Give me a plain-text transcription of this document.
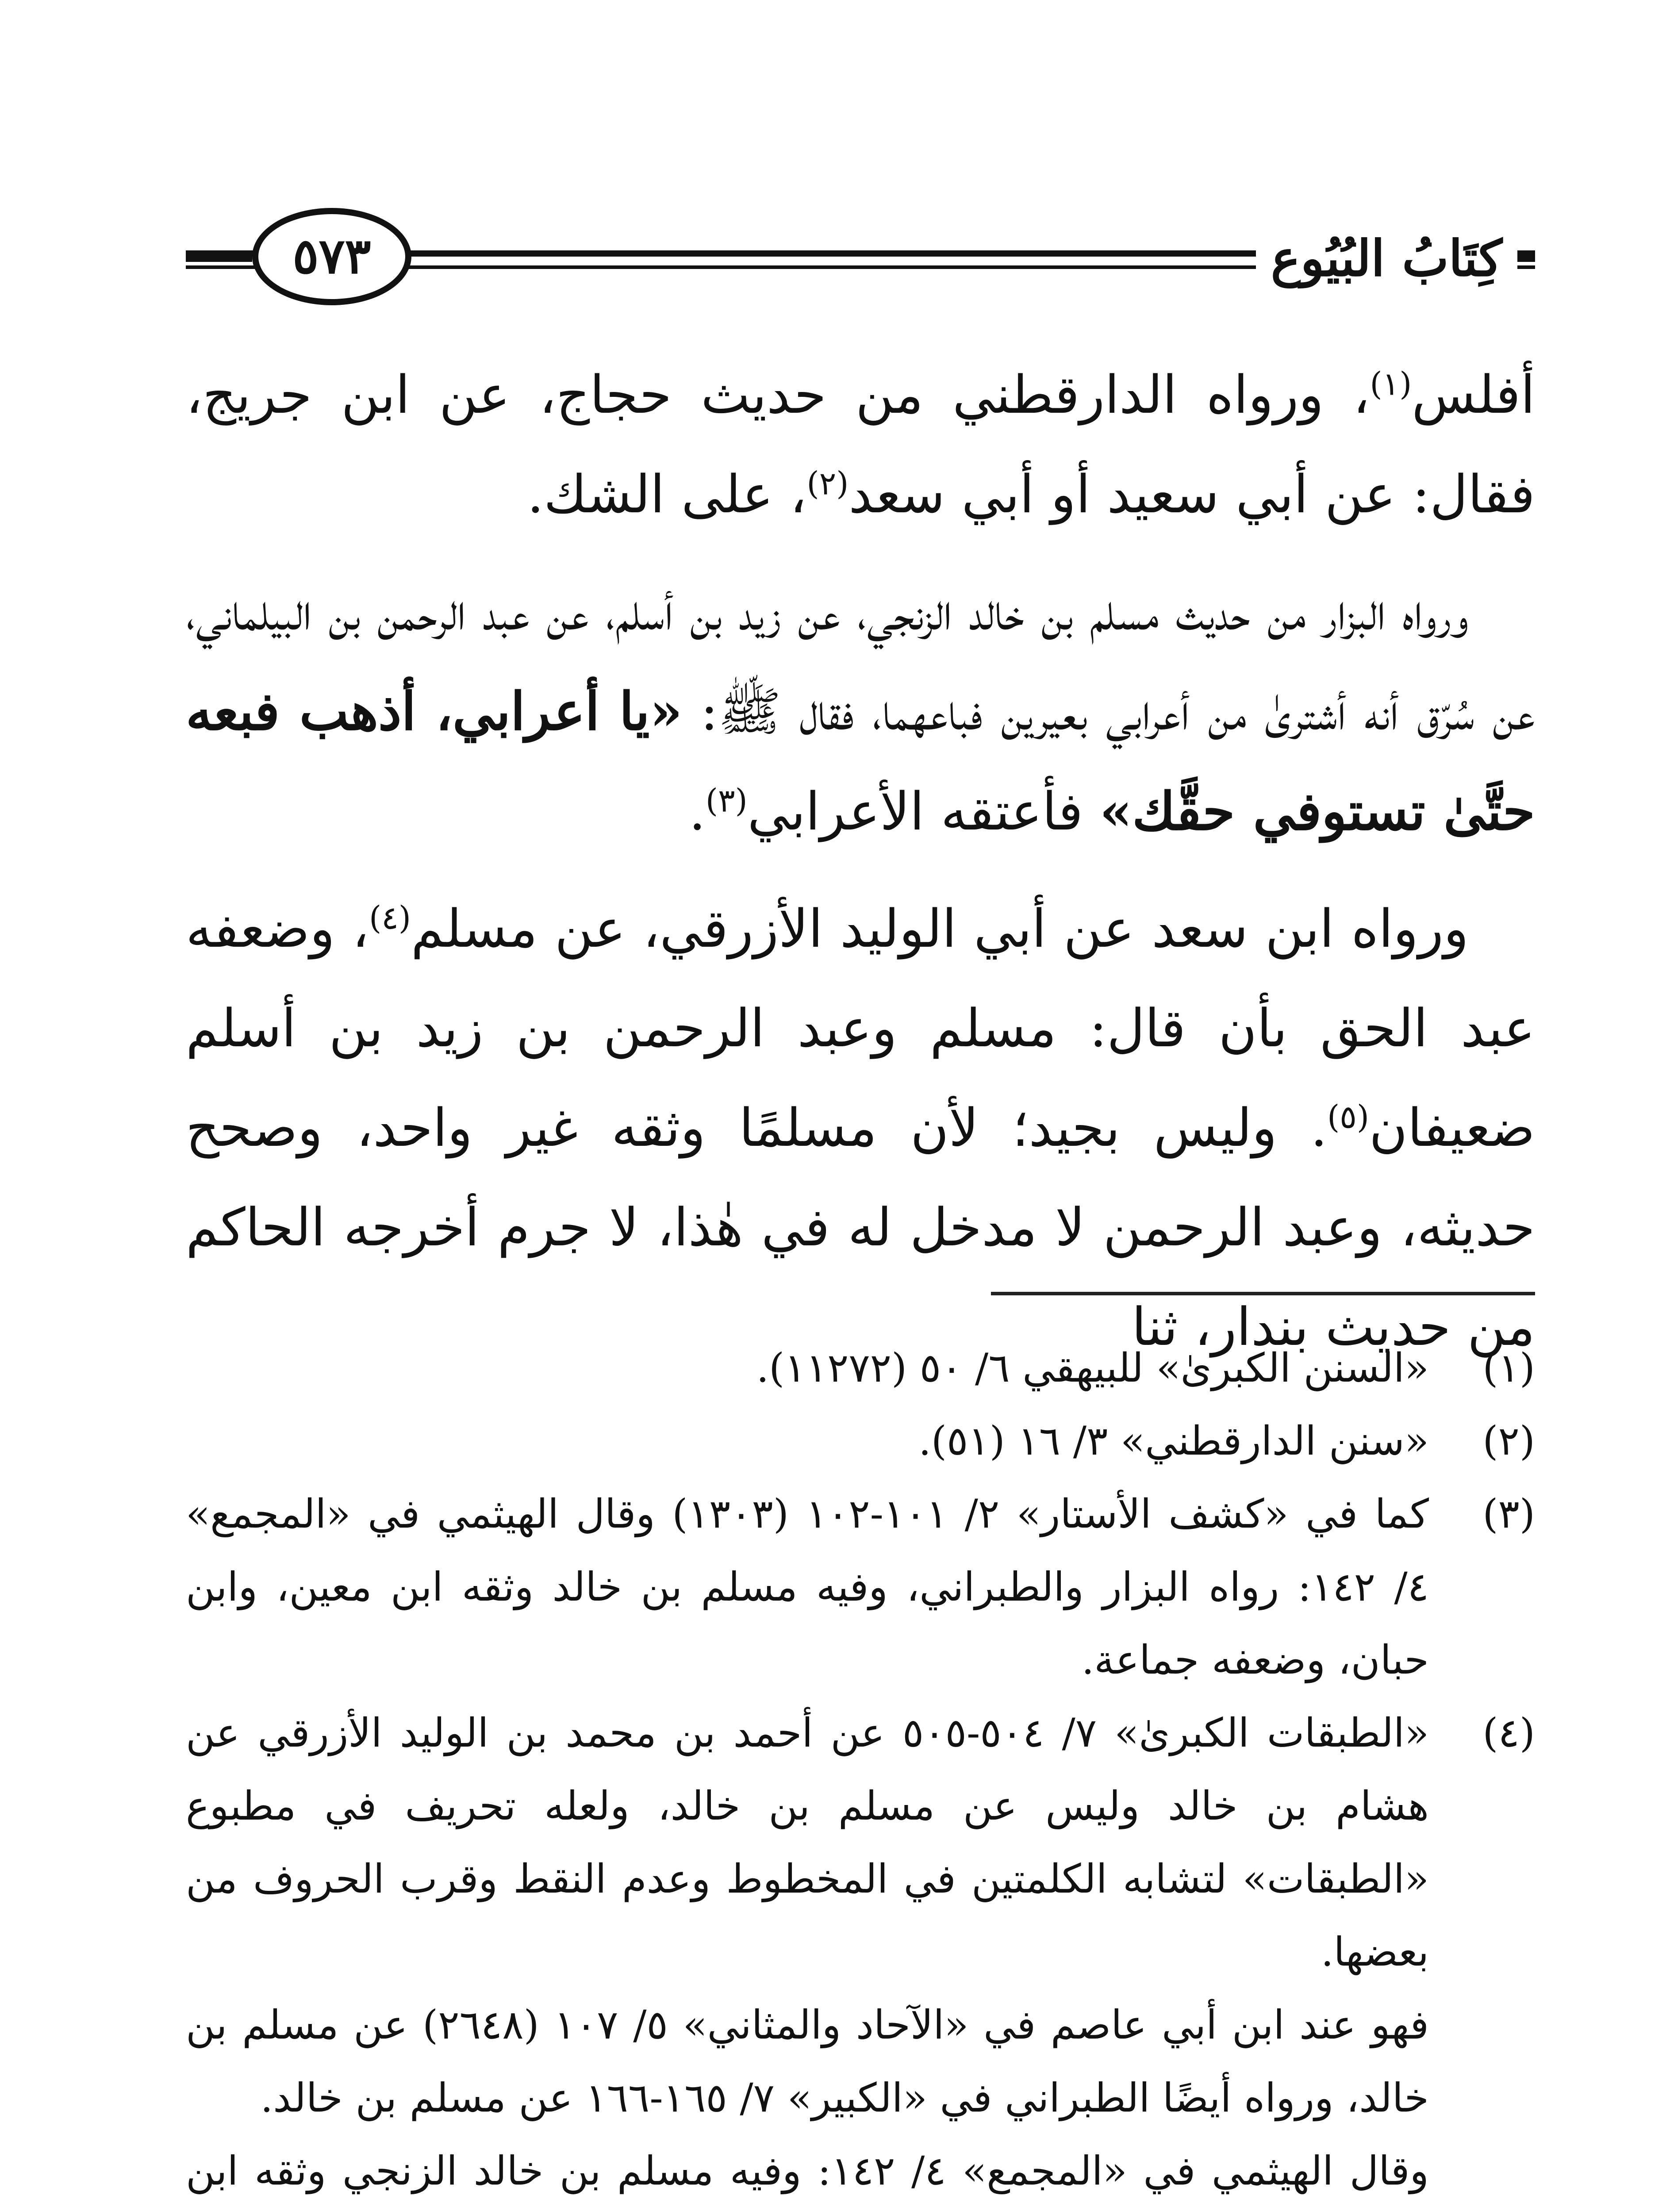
كِتَابُ البُيُوع
٥٧٣

أفلس$^{(١)}$، ورواه الدارقطني من حديث حجاج، عن ابن جريج، فقال: عن أبي سعيد أو أبي سعد$^{(٢)}$، على الشك.

ورواه البزار من حديث مسلم بن خالد الزنجي، عن زيد بن أسلم، عن عبد الرحمن بن البيلماني، عن سُرّق أنه أشترىٰ من أعرابي بعيرين فباعهما، فقال ﷺ: «يا أعرابي، أذهب فبعه حتَّىٰ تستوفي حقَّك» فأعتقه الأعرابي$^{(٣)}$.

ورواه ابن سعد عن أبي الوليد الأزرقي، عن مسلم$^{(٤)}$، وضعفه عبد الحق بأن قال: مسلم وعبد الرحمن بن زيد بن أسلم ضعيفان$^{(٥)}$. وليس بجيد؛ لأن مسلمًا وثقه غير واحد، وصحح حديثه، وعبد الرحمن لا مدخل له في هٰذا، لا جرم أخرجه الحاكم من حديث بندار، ثنا

(١)
«السنن الكبرىٰ» للبيهقي ٦/ ٥٠ (١١٢٧٢).
(٢)
«سنن الدارقطني» ٣/ ١٦ (٥١).
(٣)
كما في «كشف الأستار» ٢/ ١٠١-١٠٢ (١٣٠٣) وقال الهيثمي في «المجمع» ٤/ ١٤٢: رواه البزار والطبراني، وفيه مسلم بن خالد وثقه ابن معين، وابن حبان، وضعفه جماعة.
(٤)
«الطبقات الكبرىٰ» ٧/ ٥٠٤-٥٠٥ عن أحمد بن محمد بن الوليد الأزرقي عن هشام بن خالد وليس عن مسلم بن خالد، ولعله تحريف في مطبوع «الطبقات» لتشابه الكلمتين في المخطوط وعدم النقط وقرب الحروف من بعضها.
فهو عند ابن أبي عاصم في «الآحاد والمثاني» ٥/ ١٠٧ (٢٦٤٨) عن مسلم بن خالد، ورواه أيضًا الطبراني في «الكبير» ٧/ ١٦٥-١٦٦ عن مسلم بن خالد.
وقال الهيثمي في «المجمع» ٤/ ١٤٢: وفيه مسلم بن خالد الزنجي وثقه ابن
